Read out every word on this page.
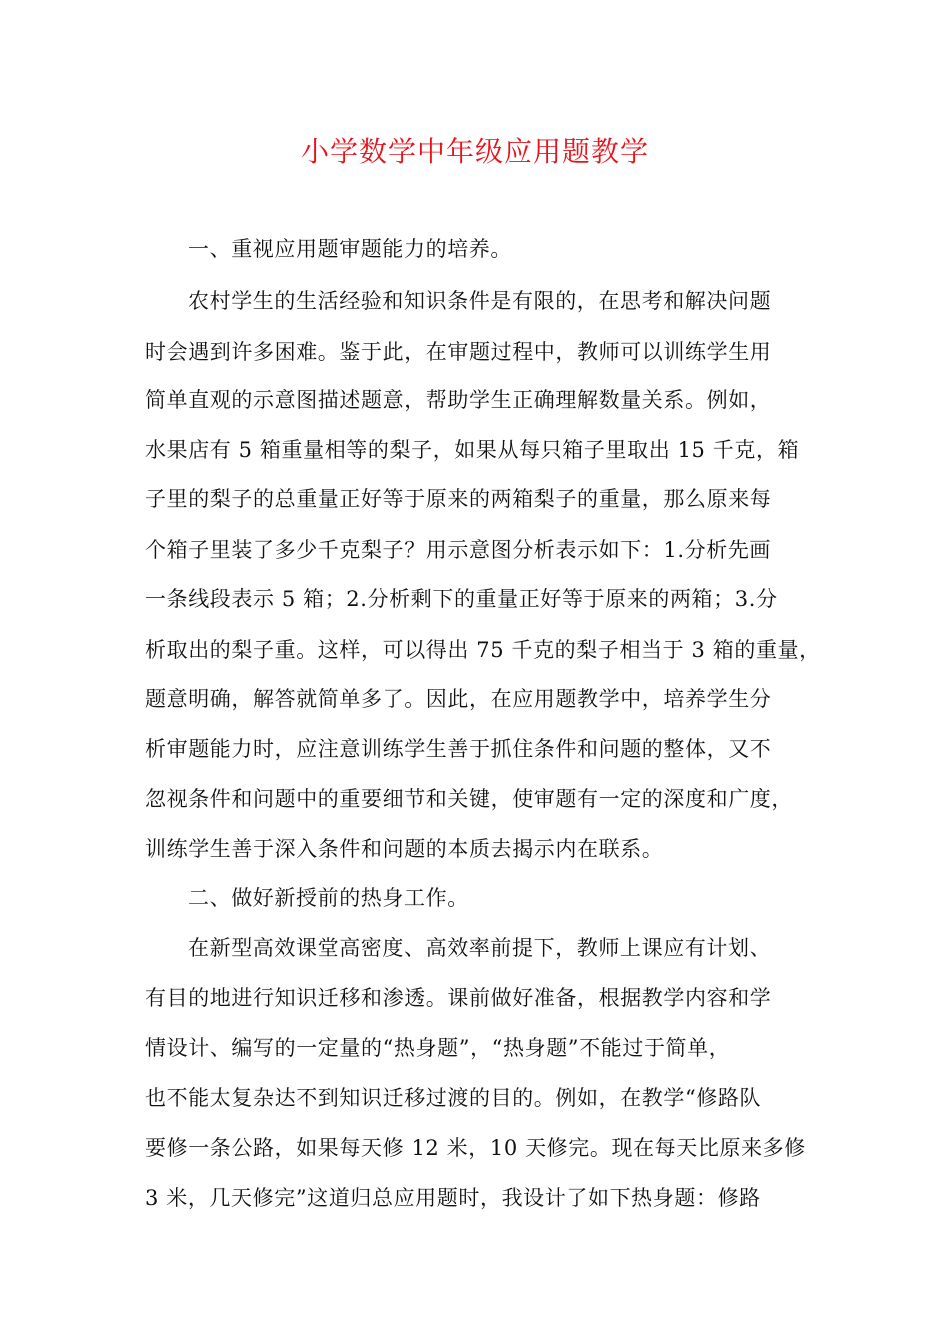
小学数学中年级应用题教学
一、重视应用题审题能力的培养。
农村学生的生活经验和知识条件是有限的，在思考和解决问题
时会遇到许多困难。鉴于此，在审题过程中，教师可以训练学生用
简单直观的示意图描述题意，帮助学生正确理解数量关系。例如，
水果店有 5 箱重量相等的梨子，如果从每只箱子里取出 15 千克，箱
子里的梨子的总重量正好等于原来的两箱梨子的重量，那么原来每
个箱子里装了多少千克梨子？用示意图分析表示如下：1.分析先画
一条线段表示 5 箱；2.分析剩下的重量正好等于原来的两箱；3.分
析取出的梨子重。这样，可以得出 75 千克的梨子相当于 3 箱的重量，
题意明确，解答就简单多了。因此，在应用题教学中，培养学生分
析审题能力时，应注意训练学生善于抓住条件和问题的整体，又不
忽视条件和问题中的重要细节和关键，使审题有一定的深度和广度，
训练学生善于深入条件和问题的本质去揭示内在联系。
二、做好新授前的热身工作。
在新型高效课堂高密度、高效率前提下，教师上课应有计划、
有目的地进行知识迁移和渗透。课前做好准备，根据教学内容和学
情设计、编写的一定量的“热身题”，“热身题”不能过于简单，
也不能太复杂达不到知识迁移过渡的目的。例如，在教学“修路队
要修一条公路，如果每天修 12 米，10 天修完。现在每天比原来多修
3 米，几天修完”这道归总应用题时，我设计了如下热身题：修路
